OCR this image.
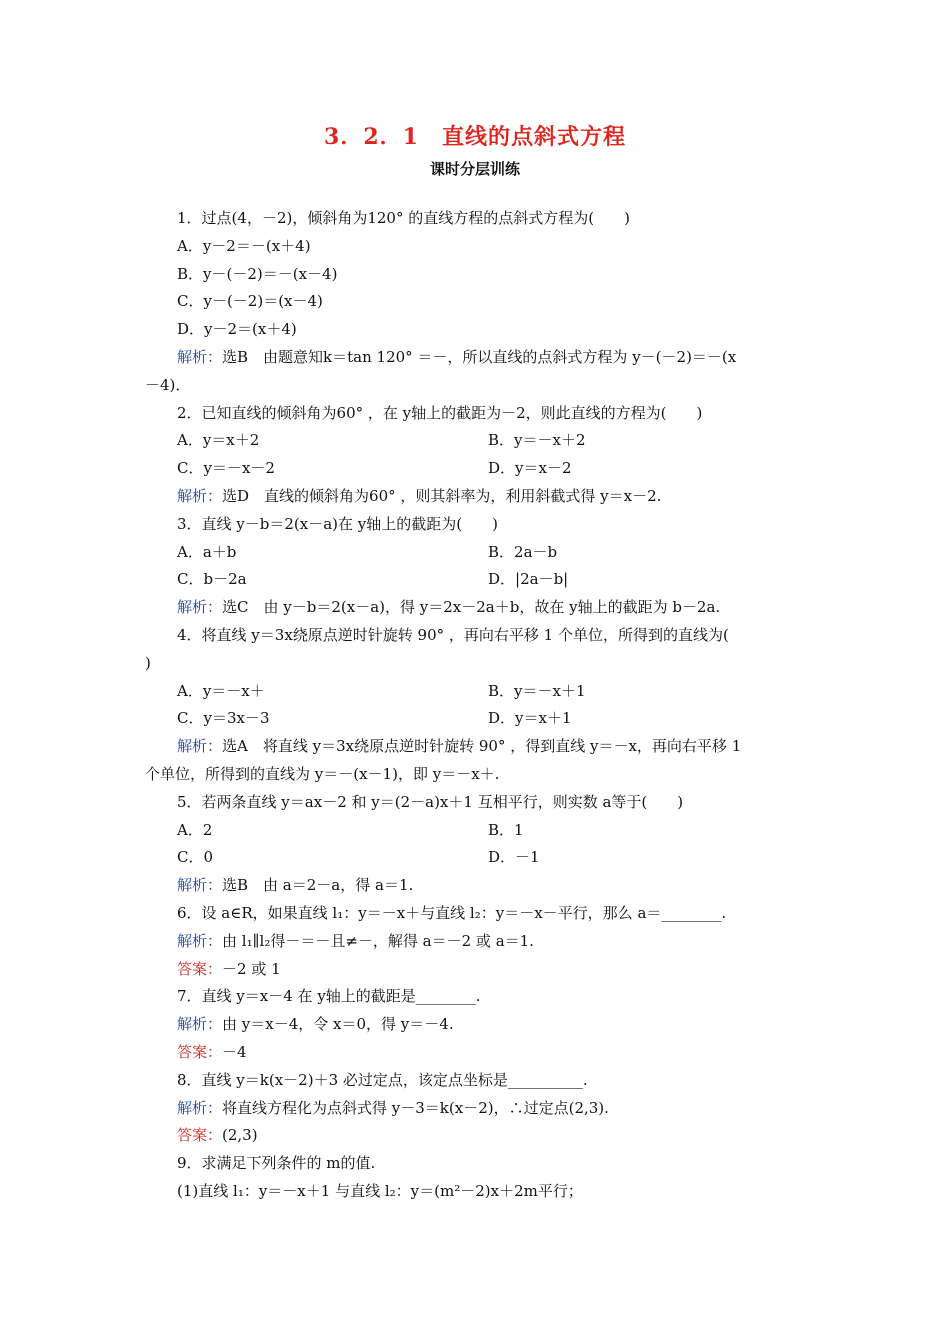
3．2．1　直线的点斜式方程
课时分层训练
1．过点(4，－2)，倾斜角为120° 的直线方程的点斜式方程为(　　)
A．y－2＝－(x＋4)
B．y－(－2)＝－(x－4)
C．y－(－2)＝(x－4)
D．y－2＝(x＋4)
解析：选B　由题意知k＝tan 120° ＝－，所以直线的点斜式方程为 y－(－2)＝－(x
－4)．
2．已知直线的倾斜角为60° ，在 y轴上的截距为－2，则此直线的方程为(　　)
A．y＝x＋2	B．y＝－x＋2
C．y＝－x－2	D．y＝x－2
解析：选D　直线的倾斜角为60° ，则其斜率为，利用斜截式得 y＝x－2.
3．直线 y－b＝2(x－a)在 y轴上的截距为(　　)
A．a＋b	B．2a－b
C．b－2a	D．|2a－b|
解析：选C　由 y－b＝2(x－a)，得 y＝2x－2a＋b，故在 y轴上的截距为 b－2a.
4．将直线 y＝3x绕原点逆时针旋转 90° ，再向右平移 1 个单位，所得到的直线为(
)
A．y＝－x＋	B．y＝－x＋1
C．y＝3x－3	D．y＝x＋1
解析：选A　将直线 y＝3x绕原点逆时针旋转 90° ，得到直线 y＝－x，再向右平移 1
个单位，所得到的直线为 y＝－(x－1)，即 y＝－x＋.
5．若两条直线 y＝ax－2 和 y＝(2－a)x＋1 互相平行，则实数 a等于(　　)
A．2	B．1
C．0	D．－1
解析：选B　由 a＝2－a，得 a＝1.
6．设 a∈R，如果直线 l₁：y＝－x＋与直线 l₂：y＝－x－平行，那么 a＝________.
解析：由 l₁∥l₂得－＝－且≠－，解得 a＝－2 或 a＝1.
答案：－2 或 1
7．直线 y＝x－4 在 y轴上的截距是________.
解析：由 y＝x－4，令 x＝0，得 y＝－4.
答案：－4
8．直线 y＝k(x－2)＋3 必过定点，该定点坐标是__________.
解析：将直线方程化为点斜式得 y－3＝k(x－2)，∴过定点(2,3).
答案：(2,3)
9．求满足下列条件的 m的值.
(1)直线 l₁：y＝－x＋1 与直线 l₂：y＝(m²－2)x＋2m平行；
